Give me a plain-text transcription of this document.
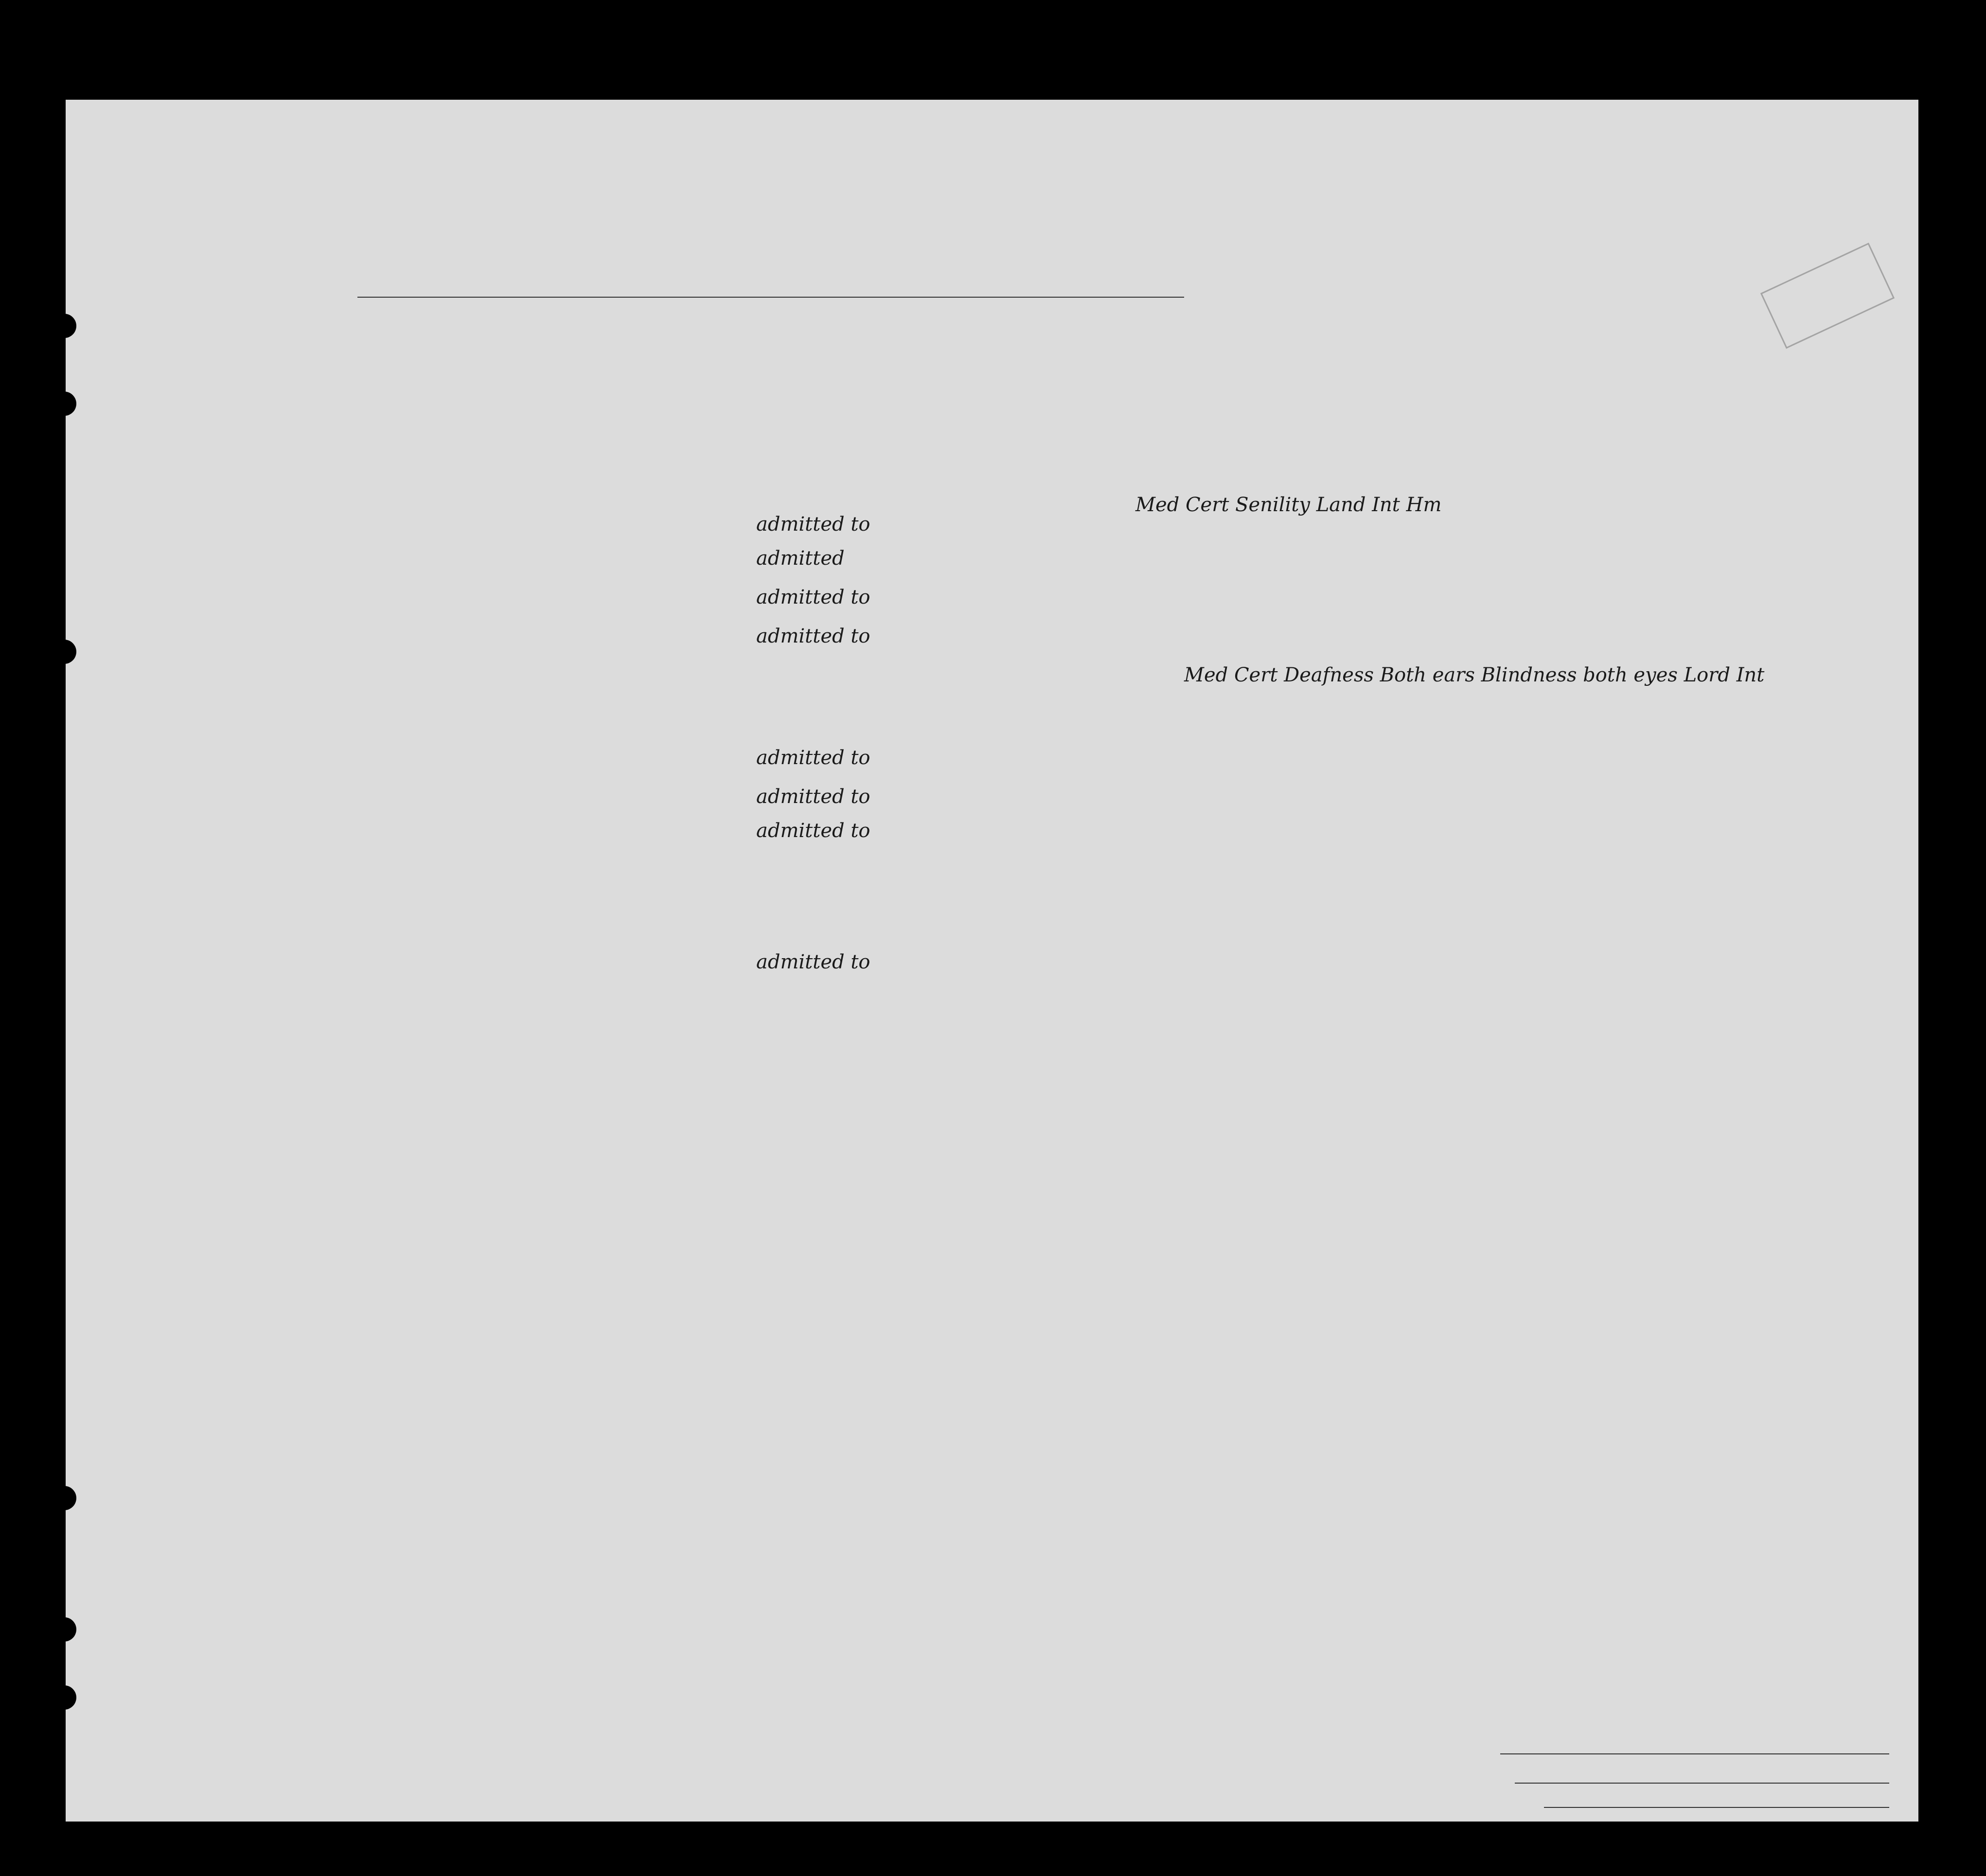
Med Cert Senility Land Int Hm
admitted to
admitted
admitted to
admitted to
Med Cert Deafness Both ears Blindness both eyes Lord Int
admitted to
admitted to
admitted to
admitted to
